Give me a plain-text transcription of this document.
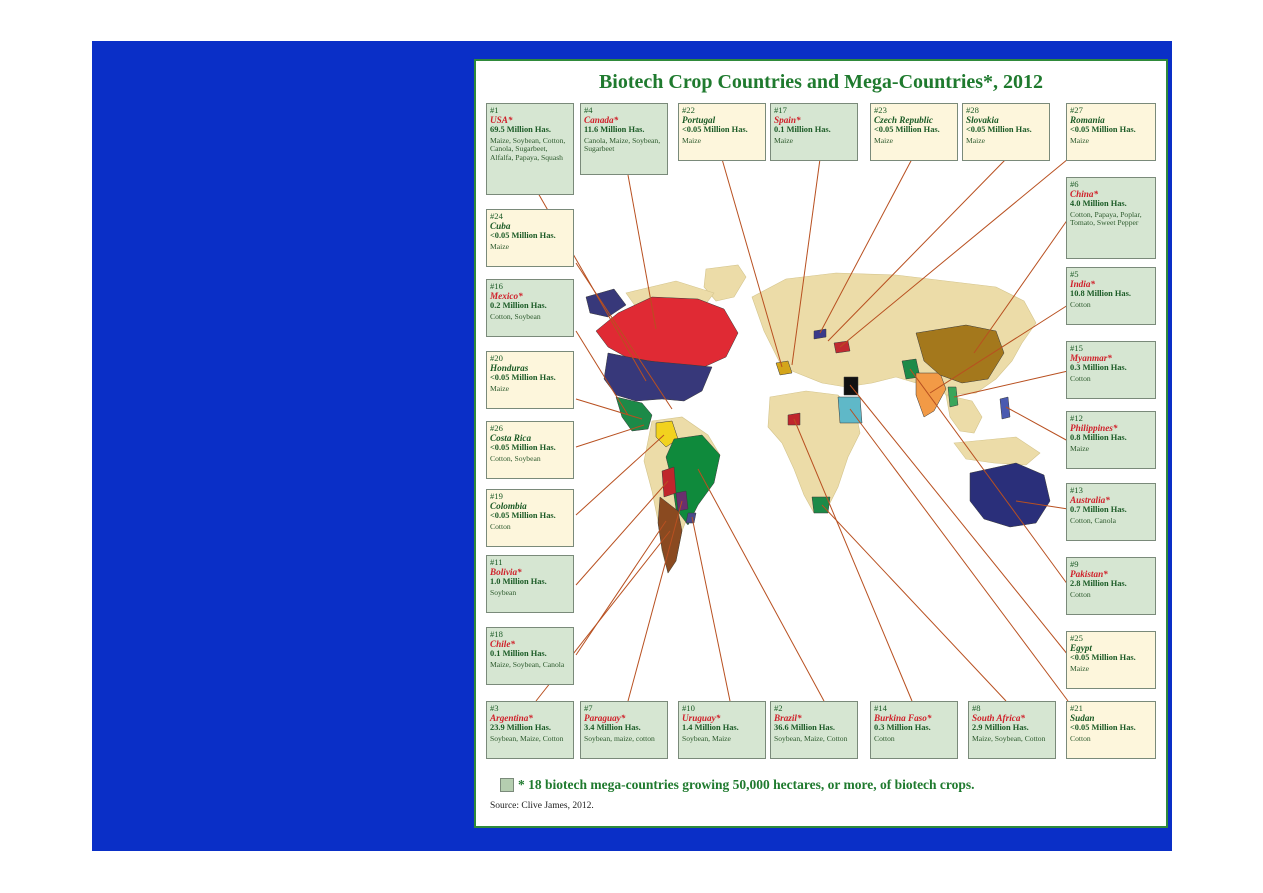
Biotech Crop Countries and Mega-Countries*, 2012
#1
USA*
69.5 Million Has.
Maize, Soybean, Cotton, Canola, Sugarbeet, Alfalfa, Papaya, Squash
#4
Canada*
11.6 Million Has.
Canola, Maize, Soybean, Sugarbeet
#22
Portugal
<0.05 Million Has.
Maize
#17
Spain*
0.1 Million Has.
Maize
#23
Czech Republic
<0.05 Million Has.
Maize
#28
Slovakia
<0.05 Million Has.
Maize
#27
Romania
<0.05 Million Has.
Maize
#24
Cuba
<0.05 Million Has.
Maize
#6
China*
4.0 Million Has.
Cotton, Papaya, Poplar, Tomato, Sweet Pepper
#16
Mexico*
0.2 Million Has.
Cotton, Soybean
#5
India*
10.8 Million Has.
Cotton
#20
Honduras
<0.05 Million Has.
Maize
#15
Myanmar*
0.3 Million Has.
Cotton
#26
Costa Rica
<0.05 Million Has.
Cotton, Soybean
#12
Philippines*
0.8 Million Has.
Maize
#19
Colombia
<0.05 Million Has.
Cotton
#13
Australia*
0.7 Million Has.
Cotton, Canola
#11
Bolivia*
1.0 Million Has.
Soybean
#9
Pakistan*
2.8 Million Has.
Cotton
#18
Chile*
0.1 Million Has.
Maize, Soybean, Canola
#25
Egypt
<0.05 Million Has.
Maize
#3
Argentina*
23.9 Million Has.
Soybean, Maize, Cotton
#7
Paraguay*
3.4 Million Has.
Soybean, maize, cotton
#10
Uruguay*
1.4 Million Has.
Soybean, Maize
#2
Brazil*
36.6 Million Has.
Soybean, Maize, Cotton
#14
Burkina Faso*
0.3 Million Has.
Cotton
#8
South Africa*
2.9 Million Has.
Maize, Soybean, Cotton
#21
Sudan
<0.05 Million Has.
Cotton
* 18 biotech mega-countries growing 50,000 hectares, or more, of biotech crops.
Source: Clive James, 2012.
